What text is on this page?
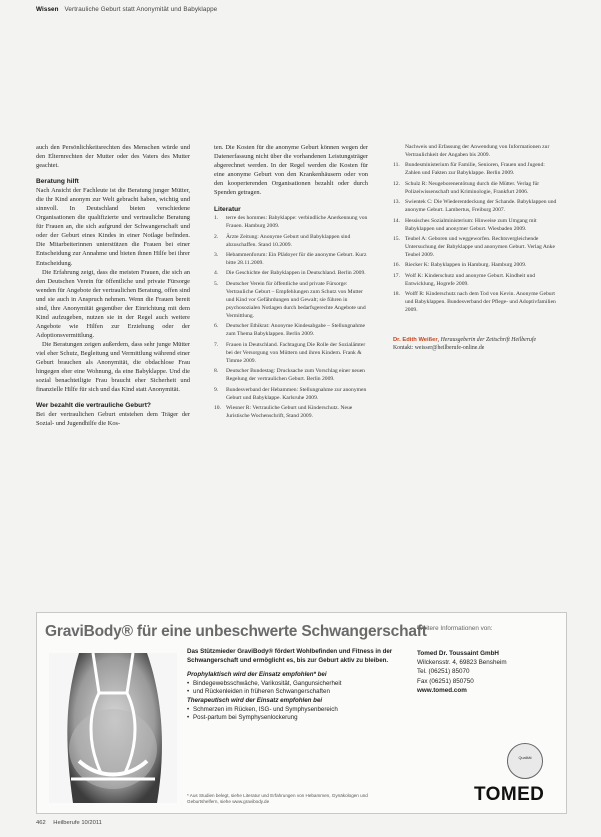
Wissen Vertrauliche Geburt statt Anonymität und Babyklappe

auch den Persönlichkeitsrechten des Menschen würde und den Elternrechten der Mutter oder des Vaters des Mutter geachtet.

Beratung hilft

Nach Ansicht der Fachleute ist die Beratung junger Mütter, die ihr Kind anonym zur Welt gebracht haben, wichtig und sinnvoll. In Deutschland bieten verschiedene Organisationen die qualifizierte und vertrauliche Beratung für Frauen an, die sich aufgrund der Schwangerschaft und oder der Geburt eines Kindes in einer Notlage befinden. Die Mitarbeiterinnen unterstützen die Frauen bei einer Entscheidung zur Annahme und bieten ihnen Hilfe bei ihrer Entscheidung.

Die Erfahrung zeigt, dass die meisten Frauen, die sich an den Deutschen Verein für öffentliche und private Fürsorge wenden für Angebote der vertraulichen Beratung, offen sind und sie auch in Anspruch nehmen. Wenn die Frauen bereit sind, ihre Anonymität gegenüber der Einrichtung mit dem Kind aufzugeben, nutzen sie in der Regel auch weitere Angebote wie Hilfen zur Erziehung oder der Adoptionsvermittlung.

Die Beratungen zeigen außerdem, dass sehr junge Mütter viel eher Schutz, Begleitung und Vermittlung während einer Geburt brauchen als Anonymität, die obdachlose Frau hingegen eher eine Wohnung, da eine Babyklappe. Und die sozial benachteiligte Frau braucht eher Sicherheit und finanzielle Hilfe für sich und das Kind statt Anonymität.

Wer bezahlt die vertrauliche Geburt?

Bei der vertraulichen Geburt entstehen dem Träger der Sozial- und Jugendhilfe die Kos-

ten. Die Kosten für die anonyme Geburt können wegen der Datenerfassung nicht über die vorhandenen Leistungsträger abgerechnet werden. In der Regel werden die Kosten für eine anonyme Geburt von den Krankenhäusern oder von den kooperierenden Organisationen bezahlt oder durch Spenden getragen.

Literatur
1.	terre des hommes: Babyklappe: verbindliche Anerkennung von Frauen. Hamburg 2009.
2.	Ärzte Zeitung: Anonyme Geburt und Babyklappen sind abzuschaffen. Stand 10.2009.
3.	Hebammenforum: Ein Plädoyer für die anonyme Geburt. Kurz bitte 28.11.2009.
4.	Die Geschichte der Babyklappen in Deutschland. Berlin 2009.
5.	Deutscher Verein für öffentliche und private Fürsorge: Vertrauliche Geburt – Empfehlungen zum Schutz von Mutter und Kind vor Gefährdungen und Gewalt; sie führen in psychosozialen Notlagen durch bedarfsgerechte Angebote und Vermittlung.
6.	Deutscher Ethikrat: Anonyme Kindesabgabe – Stellungnahme zum Thema Babyklappen. Berlin 2009.
7.	Frauen in Deutschland. Fachtagung Die Rolle der Sozialämter bei der Versorgung von Müttern und ihren Kindern. Frank & Timme 2009.
8.	Deutscher Bundestag: Drucksache zum Vorschlag einer neuen Regelung der vertraulichen Geburt. Berlin 2009.
9.	Bundesverband der Hebammen: Stellungnahme zur anonymen Geburt und Babyklappe. Karlsruhe 2009.
10. Wiesner R: Vertrauliche Geburt und Kinderschutz. Neue Juristische Wochenschrift, Stand 2009.
Nachweis und Erfassung der Anwendung von Informationen zur Vertraulichkeit der Angaben bis 2009.
11. Bundesministerium für Familie, Senioren, Frauen und Jugend: Zahlen und Fakten zur Babyklappe. Berlin 2009.
12. Schulz R: Neugeborenentötung durch die Mütter. Verlag für Polizeiwissenschaft und Kriminologie, Frankfurt 2006.
13. Swientek C: Die Wiederentdeckung der Schande. Babyklappen und anonyme Geburt. Lambertus, Freiburg 2007.
14. Hessisches Sozialministerium: Hinweise zum Umgang mit Babyklappen und anonymer Geburt. Wiesbaden 2009.
15. Teubel A: Geboren und weggeworfen. Rechtsvergleichende Untersuchung der Babyklappe und anonymen Geburt. Verlag Anke Teubel 2009.
16. Riecker K: Babyklappen in Hamburg. Hamburg 2009.
17. Wolf K: Kinderschutz und anonyme Geburt. Kindheit und Entwicklung, Hogrefe 2009.
18. Wolff R: Kinderschutz nach dem Tod von Kevin. Anonyme Geburt und Babyklappen. Bundesverband der Pflege- und Adoptivfamilien 2009.
Dr. Edith Weißer, Herausgeberin der Zeitschrift Heilberufe
Kontakt: weisser@heilberufe-online.de
GraviBody® für eine unbeschwerte Schwangerschaft
Weitere Informationen von:
Tomed Dr. Toussaint GmbH
Wilckensstr. 4, 69823 Bensheim
Tel. (06251) 85070
Fax (06251) 850750
www.tomed.com
Das Stützmieder GraviBody® fördert Wohlbefinden und Fitness in der Schwangerschaft und ermöglicht es, bis zur Geburt aktiv zu bleiben.
Prophylaktisch wird der Einsatz empfohlen* bei
• Bindegewebsschwäche, Varikosität, Gangunsicherheit
• und Rückenleiden in früheren Schwangerschaften
Therapeutisch wird der Einsatz empfohlen bei
• Schmerzen im Rücken, ISG- und Symphysenbereich
• Post-partum bei Symphysenlockerung
* Aus Studien belegt, siehe Literatur und Erfahrungen von Hebammen, Gynäkologen und Geburtshelfern, siehe www.gravibody.de
Qualität
TOMED
462 Heilberufe 10/2011
